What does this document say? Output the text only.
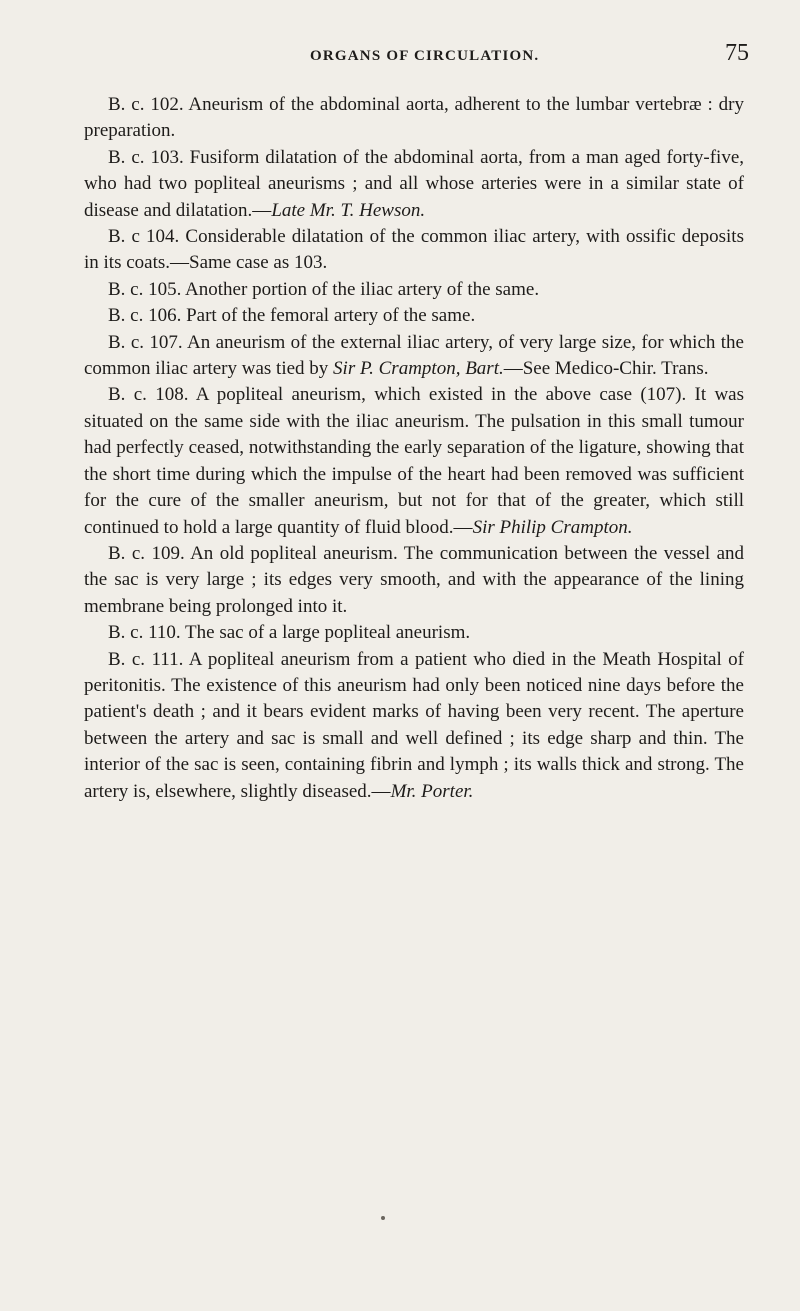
ORGANS OF CIRCULATION.	75

B. c. 102. Aneurism of the abdominal aorta, adherent to the lumbar vertebræ : dry preparation.

B. c. 103. Fusiform dilatation of the abdominal aorta, from a man aged forty-five, who had two popliteal aneurisms ; and all whose arteries were in a similar state of disease and dilatation.—Late Mr. T. Hewson.

B. c 104. Considerable dilatation of the common iliac artery, with ossific deposits in its coats.—Same case as 103.

B. c. 105. Another portion of the iliac artery of the same.

B. c. 106. Part of the femoral artery of the same.

B. c. 107. An aneurism of the external iliac artery, of very large size, for which the common iliac artery was tied by Sir P. Crampton, Bart.—See Medico-Chir. Trans.

B. c. 108. A popliteal aneurism, which existed in the above case (107). It was situated on the same side with the iliac aneurism. The pulsation in this small tumour had perfectly ceased, notwithstanding the early separation of the ligature, showing that the short time during which the impulse of the heart had been removed was sufficient for the cure of the smaller aneurism, but not for that of the greater, which still continued to hold a large quantity of fluid blood.—Sir Philip Crampton.

B. c. 109. An old popliteal aneurism. The communication between the vessel and the sac is very large ; its edges very smooth, and with the appearance of the lining membrane being prolonged into it.

B. c. 110. The sac of a large popliteal aneurism.

B. c. 111. A popliteal aneurism from a patient who died in the Meath Hospital of peritonitis. The existence of this aneurism had only been noticed nine days before the patient's death ; and it bears evident marks of having been very recent. The aperture between the artery and sac is small and well defined ; its edge sharp and thin. The interior of the sac is seen, containing fibrin and lymph ; its walls thick and strong. The artery is, elsewhere, slightly diseased.—Mr. Porter.
